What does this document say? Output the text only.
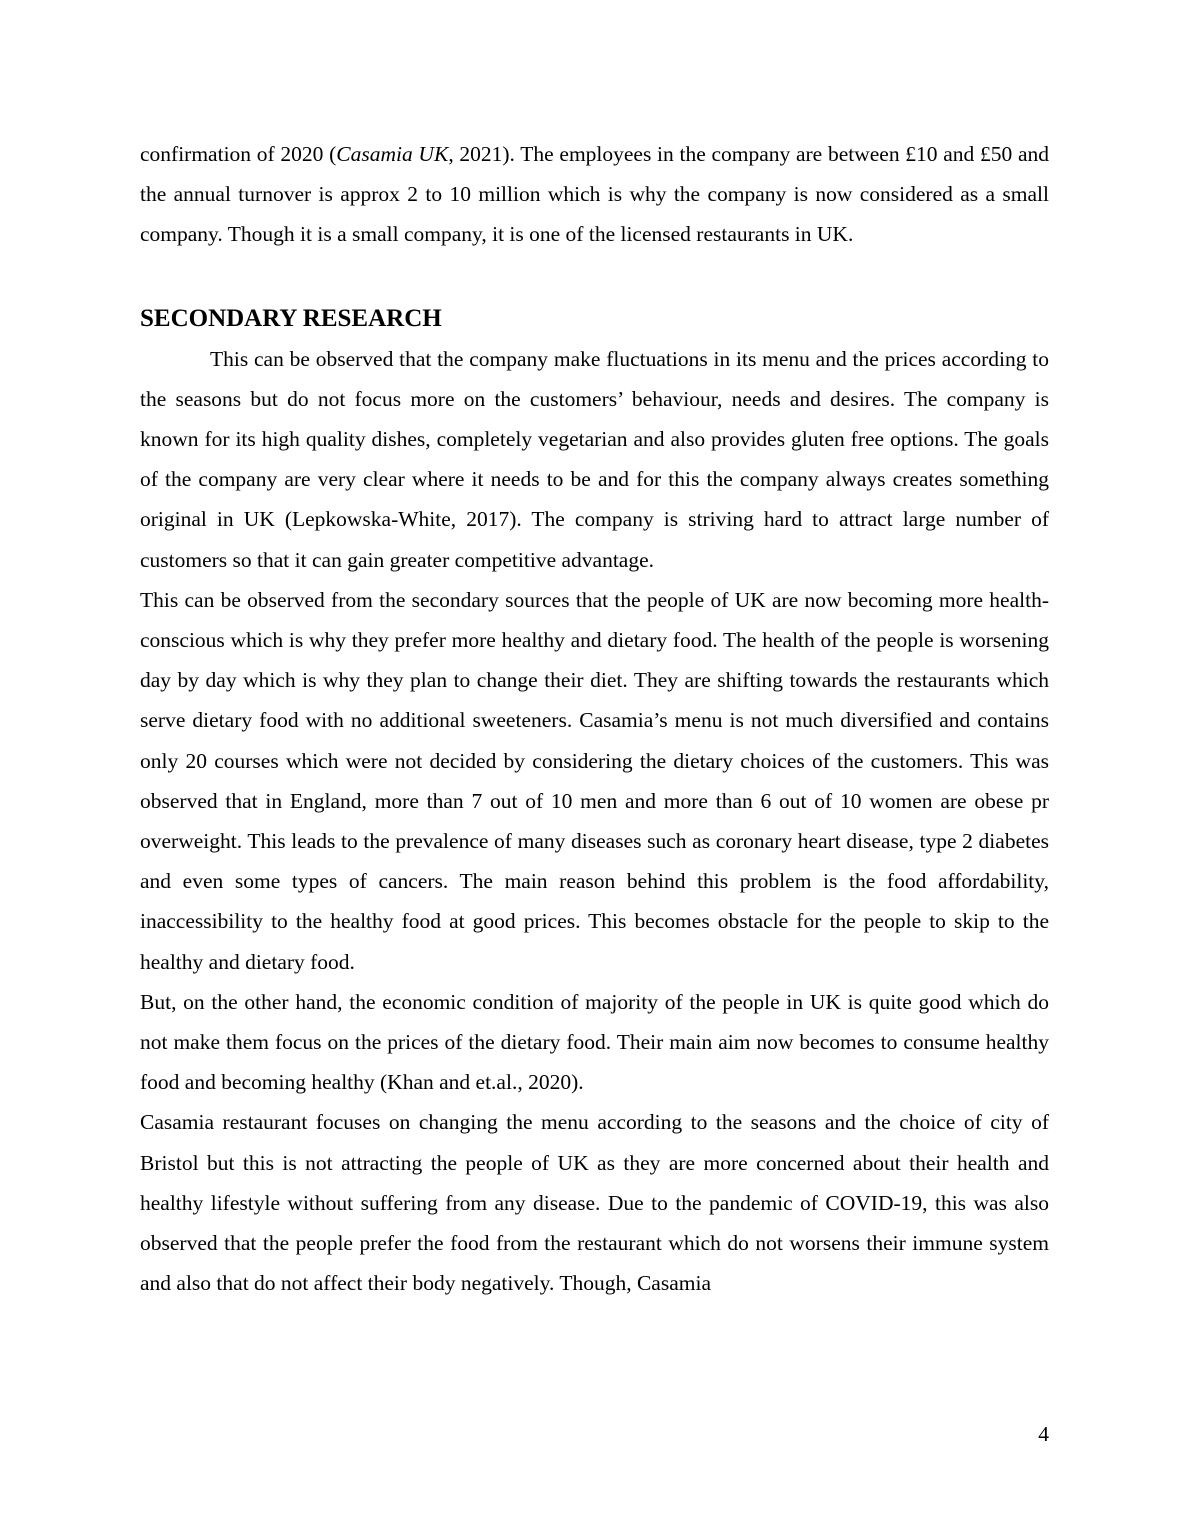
confirmation of 2020 (Casamia UK, 2021). The employees in the company are between £10 and £50 and the annual turnover is approx 2 to 10 million which is why the company is now considered as a small company. Though it is a small company, it is one of the licensed restaurants in UK.

SECONDARY RESEARCH

This can be observed that the company make fluctuations in its menu and the prices according to the seasons but do not focus more on the customers’ behaviour, needs and desires. The company is known for its high quality dishes, completely vegetarian and also provides gluten free options. The goals of the company are very clear where it needs to be and for this the company always creates something original in UK (Lepkowska-White, 2017). The company is striving hard to attract large number of customers so that it can gain greater competitive advantage.

This can be observed from the secondary sources that the people of UK are now becoming more health-conscious which is why they prefer more healthy and dietary food. The health of the people is worsening day by day which is why they plan to change their diet. They are shifting towards the restaurants which serve dietary food with no additional sweeteners. Casamia’s menu is not much diversified and contains only 20 courses which were not decided by considering the dietary choices of the customers. This was observed that in England, more than 7 out of 10 men and more than 6 out of 10 women are obese pr overweight. This leads to the prevalence of many diseases such as coronary heart disease, type 2 diabetes and even some types of cancers. The main reason behind this problem is the food affordability, inaccessibility to the healthy food at good prices. This becomes obstacle for the people to skip to the healthy and dietary food.

But, on the other hand, the economic condition of majority of the people in UK is quite good which do not make them focus on the prices of the dietary food. Their main aim now becomes to consume healthy food and becoming healthy (Khan and et.al., 2020).

Casamia restaurant focuses on changing the menu according to the seasons and the choice of city of Bristol but this is not attracting the people of UK as they are more concerned about their health and healthy lifestyle without suffering from any disease. Due to the pandemic of COVID-19, this was also observed that the people prefer the food from the restaurant which do not worsens their immune system and also that do not affect their body negatively. Though, Casamia

4
